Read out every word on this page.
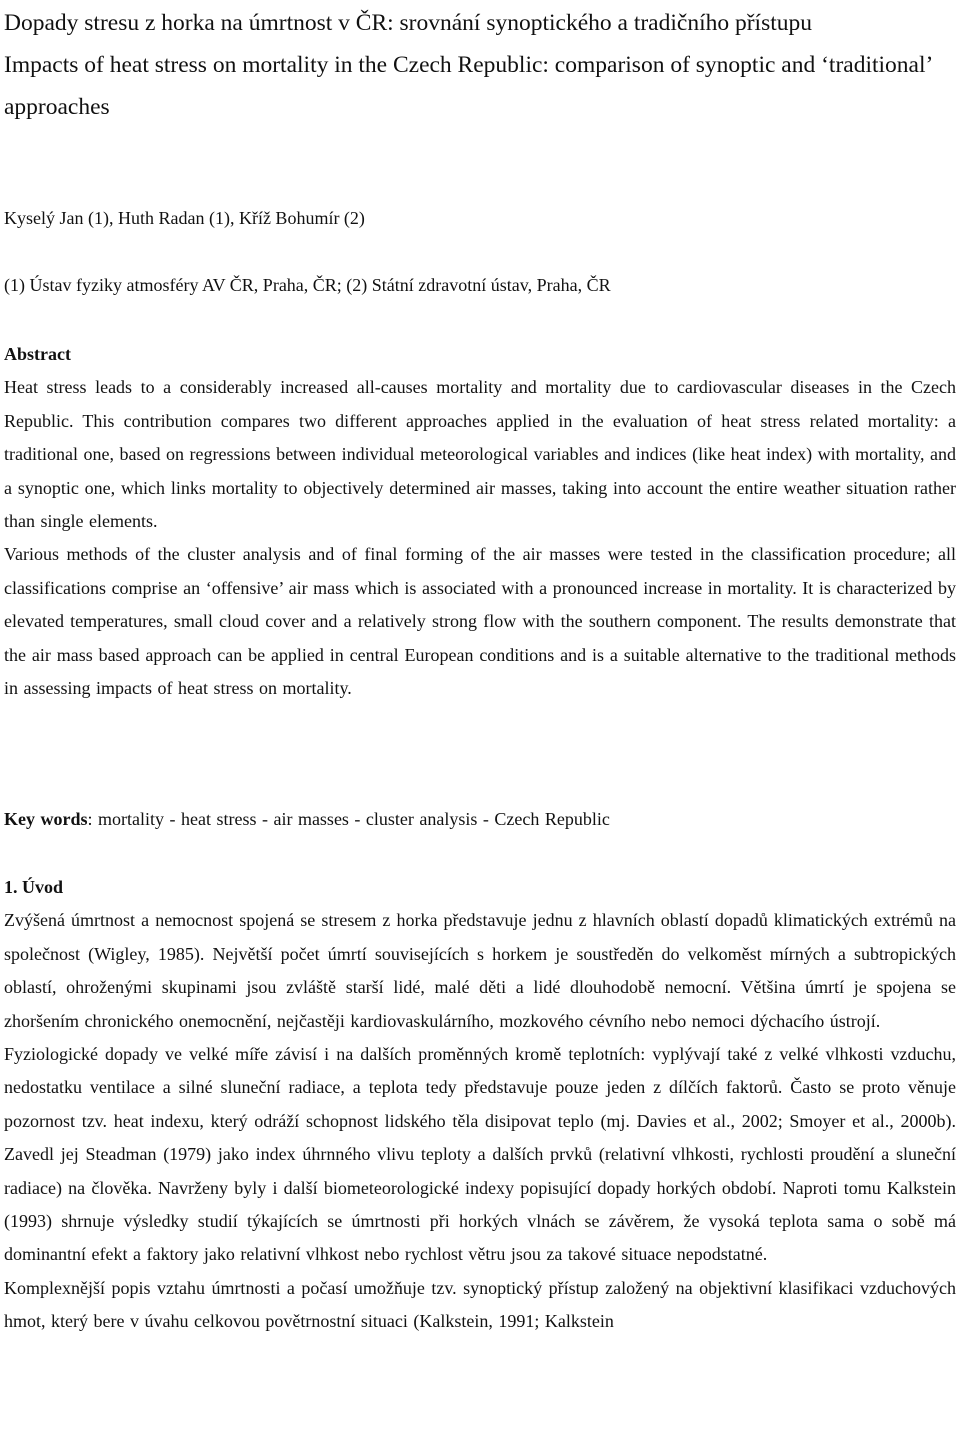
Dopady stresu z horka na úmrtnost v ČR: srovnání synoptického a tradičního přístupu
Impacts of heat stress on mortality in the Czech Republic: comparison of synoptic and ‘traditional’ approaches

Kyselý Jan (1), Huth Radan (1), Kříž Bohumír (2)

(1) Ústav fyziky atmosféry AV ČR, Praha, ČR; (2) Státní zdravotní ústav, Praha, ČR

Abstract

Heat stress leads to a considerably increased all-causes mortality and mortality due to cardiovascular diseases in the Czech Republic. This contribution compares two different approaches applied in the evaluation of heat stress related mortality: a traditional one, based on regressions between individual meteorological variables and indices (like heat index) with mortality, and a synoptic one, which links mortality to objectively determined air masses, taking into account the entire weather situation rather than single elements.

Various methods of the cluster analysis and of final forming of the air masses were tested in the classification procedure; all classifications comprise an ‘offensive’ air mass which is associated with a pronounced increase in mortality. It is characterized by elevated temperatures, small cloud cover and a relatively strong flow with the southern component. The results demonstrate that the air mass based approach can be applied in central European conditions and is a suitable alternative to the traditional methods in assessing impacts of heat stress on mortality.

Key words: mortality - heat stress - air masses - cluster analysis - Czech Republic

1. Úvod

Zvýšená úmrtnost a nemocnost spojená se stresem z horka představuje jednu z hlavních oblastí dopadů klimatických extrémů na společnost (Wigley, 1985). Největší počet úmrtí souvisejících s horkem je soustředěn do velkoměst mírných a subtropických oblastí, ohroženými skupinami jsou zvláště starší lidé, malé děti a lidé dlouhodobě nemocní. Většina úmrtí je spojena se zhoršením chronického onemocnění, nejčastěji kardiovaskulárního, mozkového cévního nebo nemoci dýchacího ústrojí.

Fyziologické dopady ve velké míře závisí i na dalších proměnných kromě teplotních: vyplývají také z velké vlhkosti vzduchu, nedostatku ventilace a silné sluneční radiace, a teplota tedy představuje pouze jeden z dílčích faktorů. Často se proto věnuje pozornost tzv. heat indexu, který odráží schopnost lidského těla disipovat teplo (mj. Davies et al., 2002; Smoyer et al., 2000b). Zavedl jej Steadman (1979) jako index úhrnného vlivu teploty a dalších prvků (relativní vlhkosti, rychlosti proudění a sluneční radiace) na člověka. Navrženy byly i další biometeorologické indexy popisující dopady horkých období. Naproti tomu Kalkstein (1993) shrnuje výsledky studií týkajících se úmrtnosti při horkých vlnách se závěrem, že vysoká teplota sama o sobě má dominantní efekt a faktory jako relativní vlhkost nebo rychlost větru jsou za takové situace nepodstatné.

Komplexnější popis vztahu úmrtnosti a počasí umožňuje tzv. synoptický přístup založený na objektivní klasifikaci vzduchových hmot, který bere v úvahu celkovou povětrnostní situaci (Kalkstein, 1991; Kalkstein
